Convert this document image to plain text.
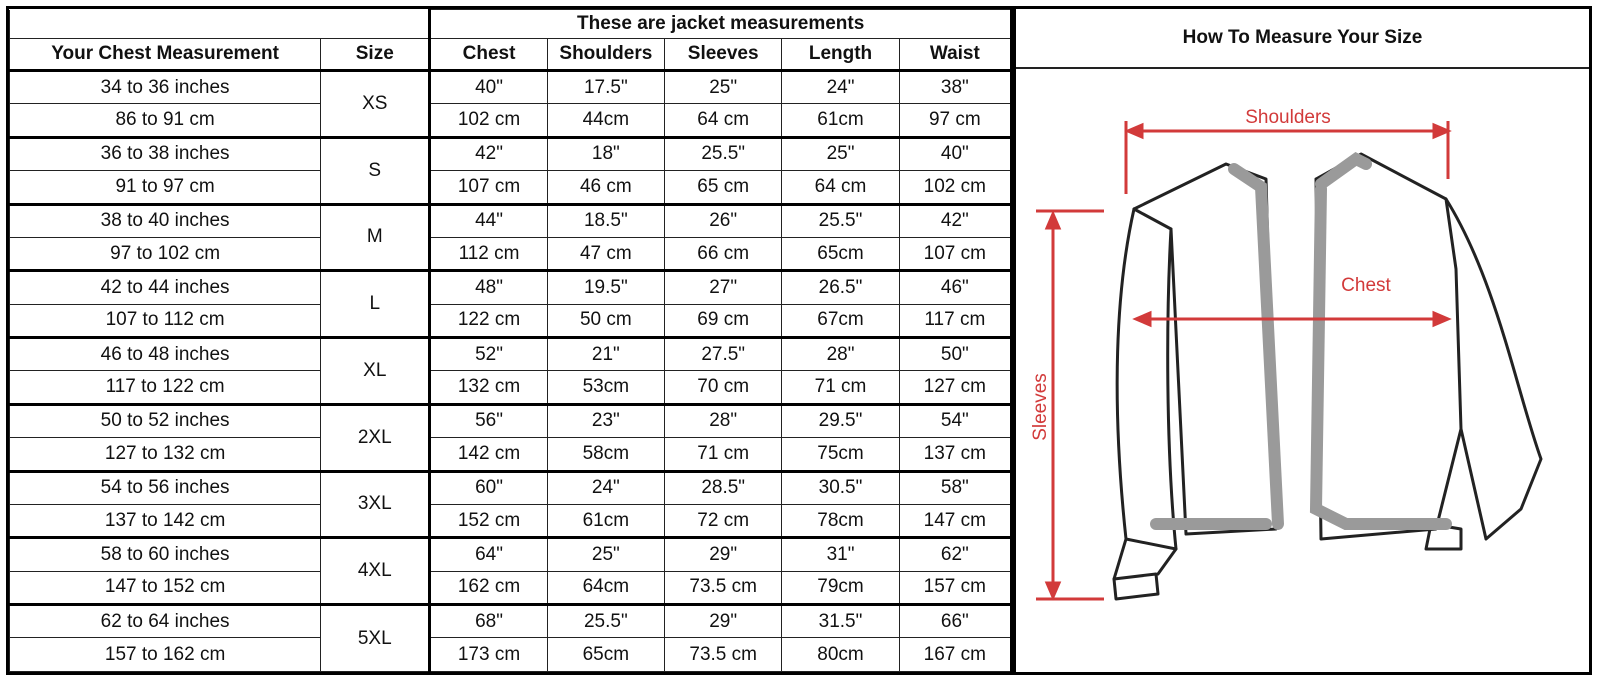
		These are jacket measurements				
Your Chest Measurement	Size	Chest	Shoulders	Sleeves	Length	Waist
34 to 36 inches	XS	40"	17.5"	25"	24"	38"
86 to 91 cm		102 cm	44cm	64 cm	61cm	97 cm
36 to 38 inches	S	42"	18"	25.5"	25"	40"
91 to 97 cm		107 cm	46 cm	65 cm	64 cm	102 cm
38 to 40 inches	M	44"	18.5"	26"	25.5"	42"
97 to 102 cm		112 cm	47 cm	66 cm	65cm	107 cm
42 to 44 inches	L	48"	19.5"	27"	26.5"	46"
107 to 112 cm		122 cm	50 cm	69 cm	67cm	117 cm
46 to 48 inches	XL	52"	21"	27.5"	28"	50"
117 to 122 cm		132 cm	53cm	70 cm	71 cm	127 cm
50 to 52 inches	2XL	56"	23"	28"	29.5"	54"
127 to 132 cm		142 cm	58cm	71 cm	75cm	137 cm
54 to 56 inches	3XL	60"	24"	28.5"	30.5"	58"
137 to 142 cm		152 cm	61cm	72 cm	78cm	147 cm
58 to 60 inches	4XL	64"	25"	29"	31"	62"
147 to 152 cm		162 cm	64cm	73.5 cm	79cm	157 cm
62 to 64 inches	5XL	68"	25.5"	29"	31.5"	66"
157 to 162 cm		173 cm	65cm	73.5 cm	80cm	167 cm
How To Measure Your Size
Shoulders
Chest
Sleeves
